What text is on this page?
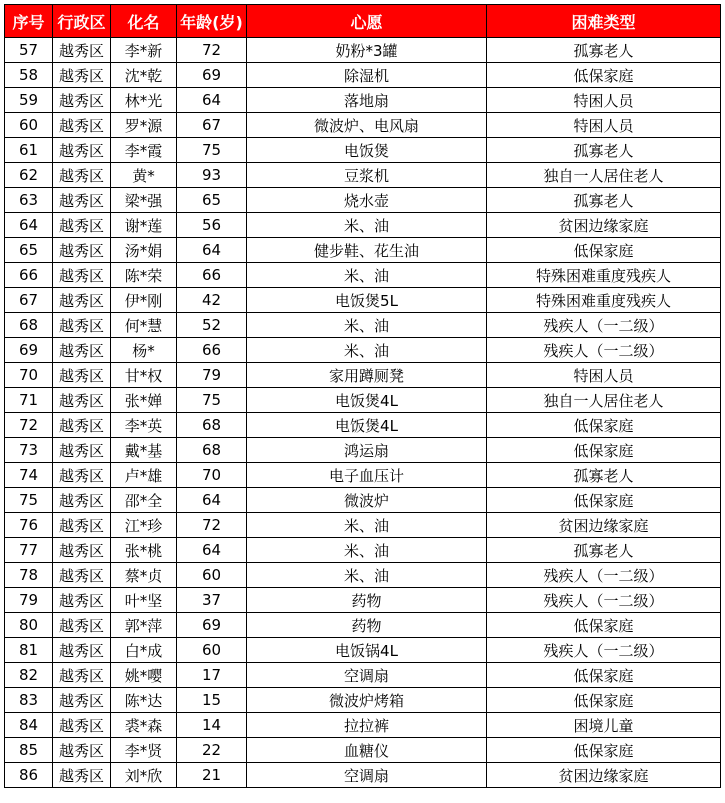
序号	行政区	化名	年龄(岁)	心愿	困难类型
57	越秀区	李*新	72	奶粉*3罐	孤寡老人
58	越秀区	沈*乾	69	除湿机	低保家庭
59	越秀区	林*光	64	落地扇	特困人员
60	越秀区	罗*源	67	微波炉、电风扇	特困人员
61	越秀区	李*霞	75	电饭煲	孤寡老人
62	越秀区	黄*	93	豆浆机	独自一人居住老人
63	越秀区	梁*强	65	烧水壶	孤寡老人
64	越秀区	谢*莲	56	米、油	贫困边缘家庭
65	越秀区	汤*娟	64	健步鞋、花生油	低保家庭
66	越秀区	陈*荣	66	米、油	特殊困难重度残疾人
67	越秀区	伊*刚	42	电饭煲5L	特殊困难重度残疾人
68	越秀区	何*慧	52	米、油	残疾人（一二级）
69	越秀区	杨*	66	米、油	残疾人（一二级）
70	越秀区	甘*权	79	家用蹲厕凳	特困人员
71	越秀区	张*婵	75	电饭煲4L	独自一人居住老人
72	越秀区	李*英	68	电饭煲4L	低保家庭
73	越秀区	戴*基	68	鸿运扇	低保家庭
74	越秀区	卢*雄	70	电子血压计	孤寡老人
75	越秀区	邵*全	64	微波炉	低保家庭
76	越秀区	江*珍	72	米、油	贫困边缘家庭
77	越秀区	张*桃	64	米、油	孤寡老人
78	越秀区	蔡*贞	60	米、油	残疾人（一二级）
79	越秀区	叶*坚	37	药物	残疾人（一二级）
80	越秀区	郭*萍	69	药物	低保家庭
81	越秀区	白*成	60	电饭锅4L	残疾人（一二级）
82	越秀区	姚*嘤	17	空调扇	低保家庭
83	越秀区	陈*达	15	微波炉烤箱	低保家庭
84	越秀区	裘*森	14	拉拉裤	困境儿童
85	越秀区	李*贤	22	血糖仪	低保家庭
86	越秀区	刘*欣	21	空调扇	贫困边缘家庭
